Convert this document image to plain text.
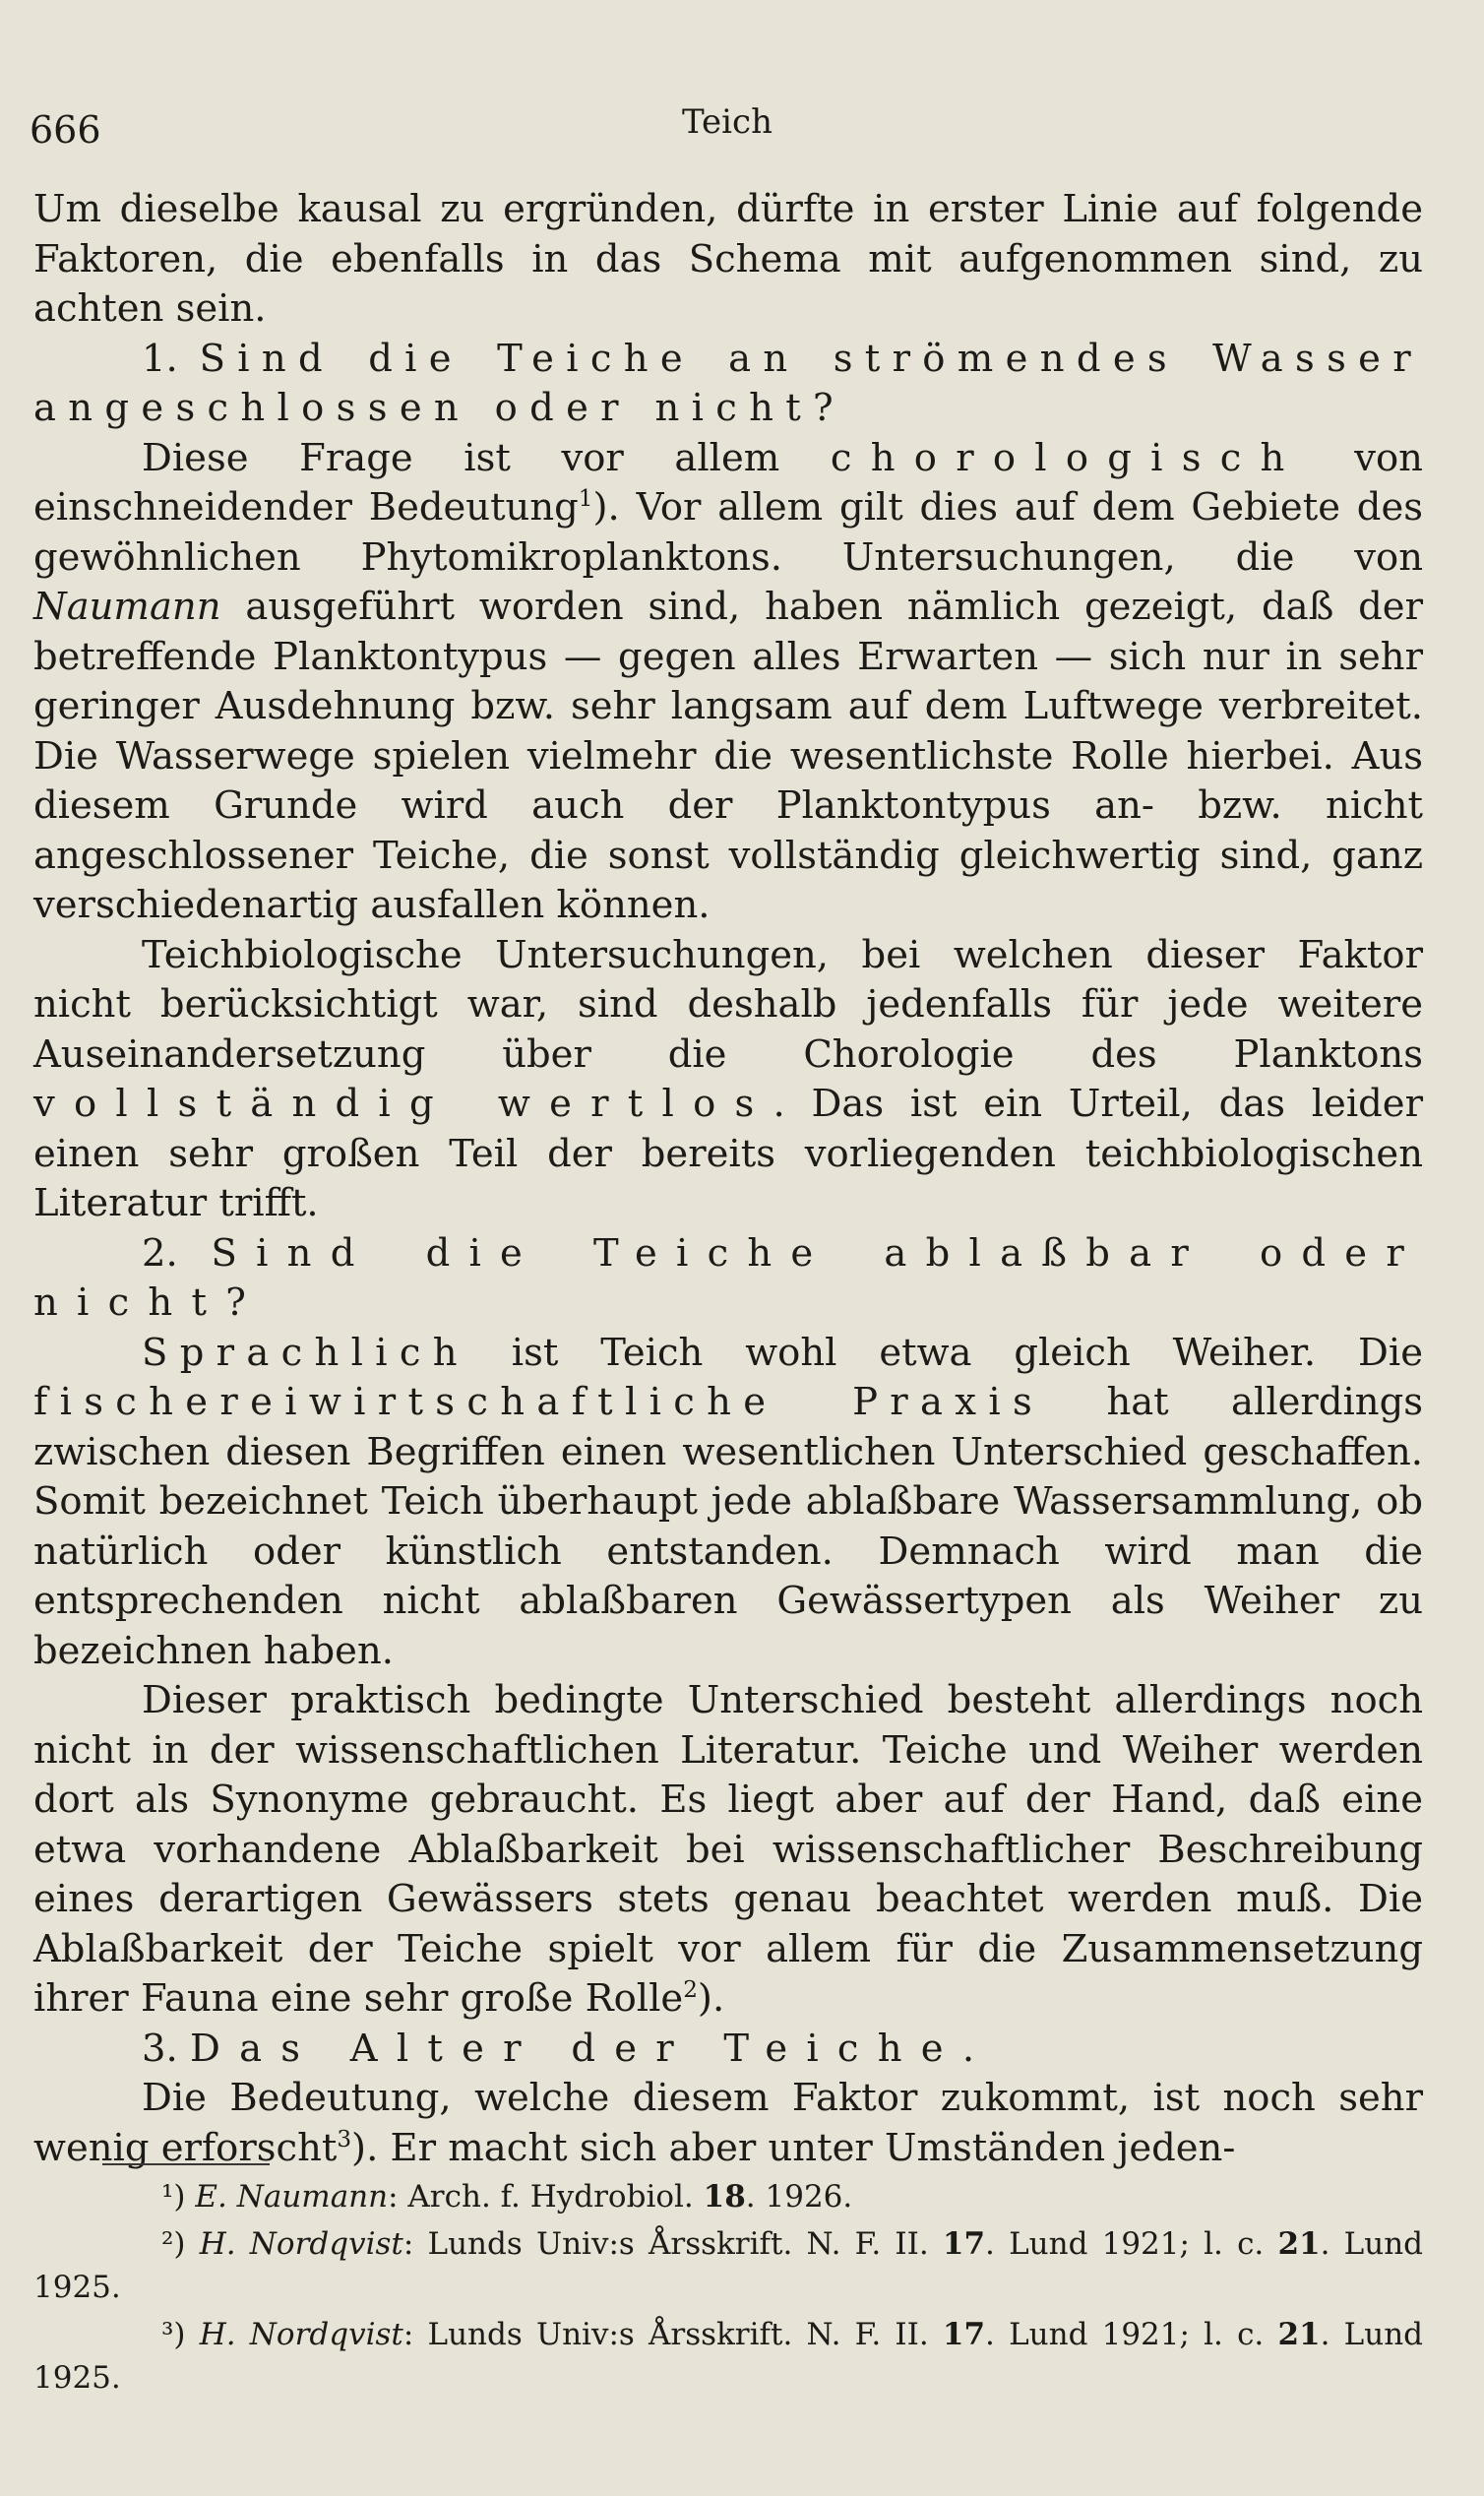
666	Teich

Um dieselbe kausal zu ergründen, dürfte in erster Linie auf folgende Faktoren, die ebenfalls in das Schema mit aufgenommen sind, zu achten sein.

1. Sind die Teiche an strömendes Wasser angeschlossen oder nicht?

Diese Frage ist vor allem chorologisch von einschneidender Bedeutung$^1$). Vor allem gilt dies auf dem Gebiete des gewöhnlichen Phytomikroplanktons. Untersuchungen, die von Naumann ausgeführt worden sind, haben nämlich gezeigt, daß der betreffende Planktontypus — gegen alles Erwarten — sich nur in sehr geringer Ausdehnung bzw. sehr langsam auf dem Luftwege verbreitet. Die Wasserwege spielen vielmehr die wesentlichste Rolle hierbei. Aus diesem Grunde wird auch der Planktontypus an- bzw. nicht angeschlossener Teiche, die sonst vollständig gleichwertig sind, ganz verschiedenartig ausfallen können.

Teichbiologische Untersuchungen, bei welchen dieser Faktor nicht berücksichtigt war, sind deshalb jedenfalls für jede weitere Auseinandersetzung über die Chorologie des Planktons vollständig wertlos. Das ist ein Urteil, das leider einen sehr großen Teil der bereits vorliegenden teichbiologischen Literatur trifft.

2. Sind die Teiche ablaßbar oder nicht?

Sprachlich ist Teich wohl etwa gleich Weiher. Die fischereiwirtschaftliche Praxis hat allerdings zwischen diesen Begriffen einen wesentlichen Unterschied geschaffen. Somit bezeichnet Teich überhaupt jede ablaßbare Wassersammlung, ob natürlich oder künstlich entstanden. Demnach wird man die entsprechenden nicht ablaßbaren Gewässertypen als Weiher zu bezeichnen haben.

Dieser praktisch bedingte Unterschied besteht allerdings noch nicht in der wissenschaftlichen Literatur. Teiche und Weiher werden dort als Synonyme gebraucht. Es liegt aber auf der Hand, daß eine etwa vorhandene Ablaßbarkeit bei wissenschaftlicher Beschreibung eines derartigen Gewässers stets genau beachtet werden muß. Die Ablaßbarkeit der Teiche spielt vor allem für die Zusammensetzung ihrer Fauna eine sehr große Rolle$^2$).

3. Das Alter der Teiche.

Die Bedeutung, welche diesem Faktor zukommt, ist noch sehr wenig erforscht$^3$). Er macht sich aber unter Umständen jeden-

¹) E. Naumann: Arch. f. Hydrobiol. 18. 1926.

²) H. Nordqvist: Lunds Univ:s Årsskrift. N. F. II. 17. Lund 1921; l. c. 21. Lund 1925.

³) H. Nordqvist: Lunds Univ:s Årsskrift. N. F. II. 17. Lund 1921; l. c. 21. Lund 1925.
